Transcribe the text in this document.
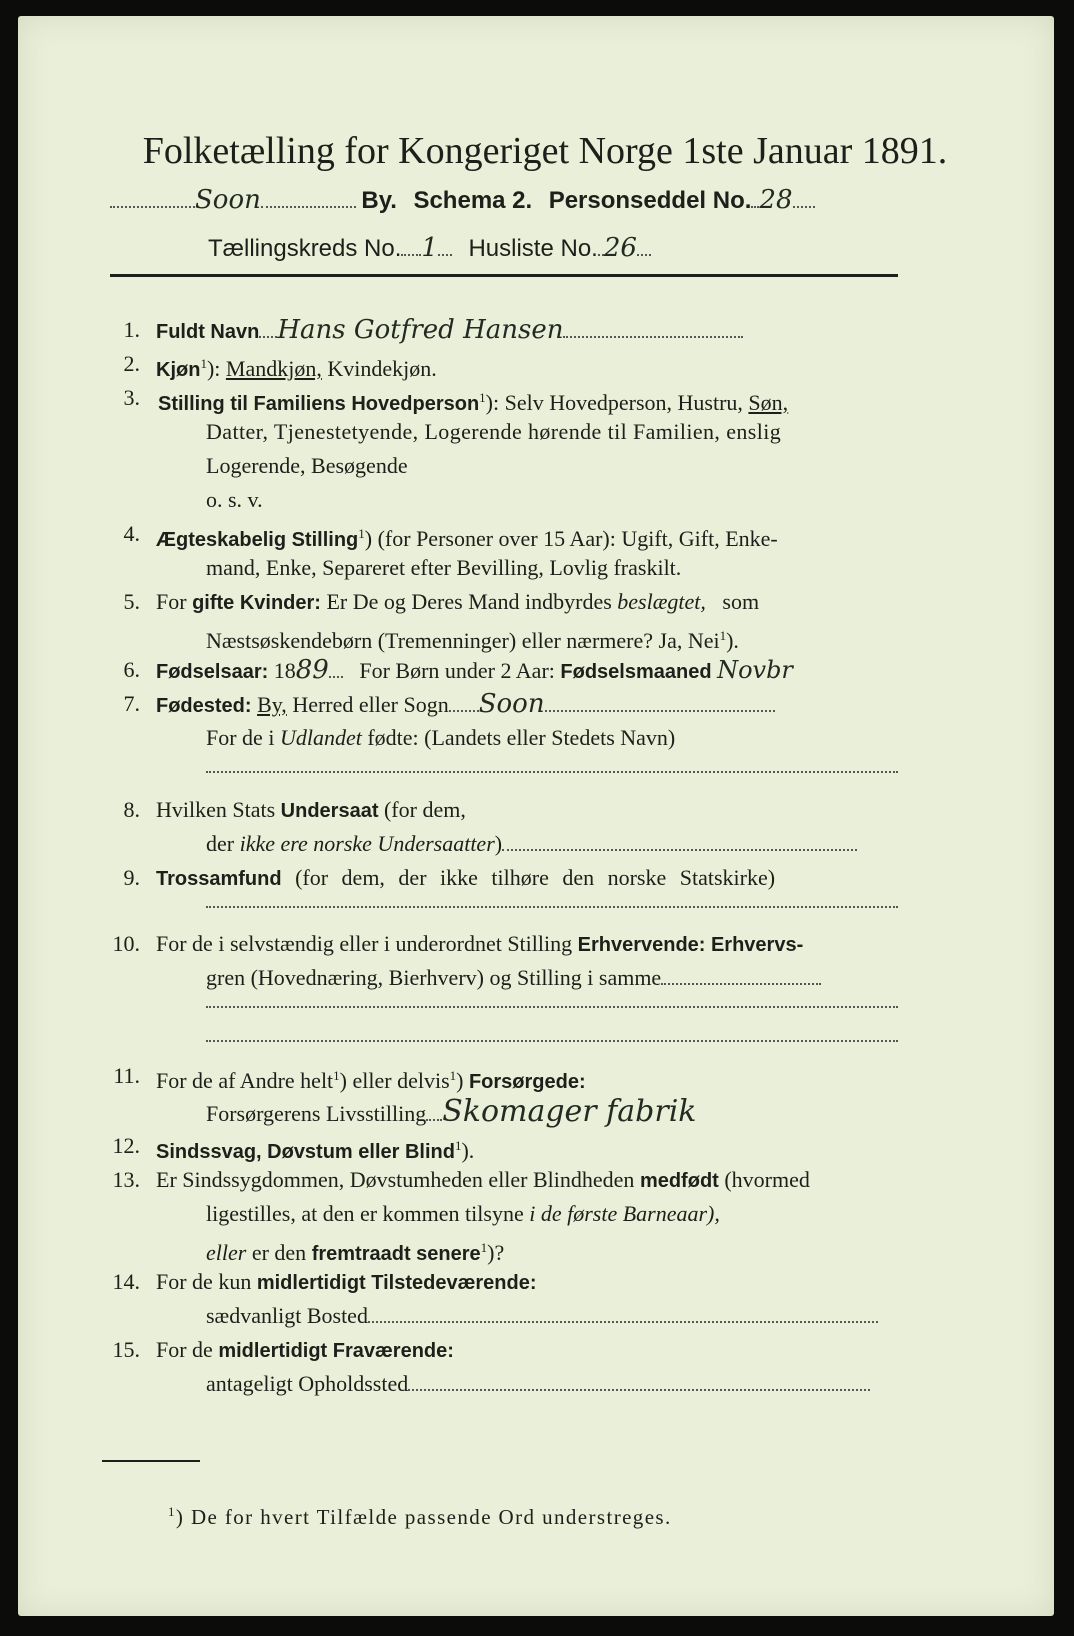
Folketælling for Kongeriget Norge 1ste Januar 1891.
Soon	By. Schema 2. Personseddel No. 28
Tællingskreds No. 1 Husliste No. 26
1. Fuldt Navn Hans Gotfred Hansen
2. Kjøn$^1$): Mandkjøn, Kvindekjøn.
3. Stilling til Familiens Hovedperson$^1$): Selv Hovedperson, Hustru, Søn,
Datter, Tjenestetyende, Logerende hørende til Familien, enslig
Logerende, Besøgende
o. s. v.
4. Ægteskabelig Stilling$^1$) (for Personer over 15 Aar): Ugift, Gift, Enke-
mand, Enke, Separeret efter Bevilling, Lovlig fraskilt.
5. For gifte Kvinder: Er De og Deres Mand indbyrdes beslægtet, som
Næstsøskendebørn (Tremenninger) eller nærmere? Ja, Nei$^1$).
6. Fødselsaar: 1889 For Børn under 2 Aar: Fødselsmaaned Novbr
7. Fødested: By, Herred eller Sogn Soon
For de i Udlandet fødte: (Landets eller Stedets Navn)
8. Hvilken Stats Undersaat (for dem,
der ikke ere norske Undersaatter)
9. Trossamfund (for dem, der ikke tilhøre den norske Statskirke)
10. For de i selvstændig eller i underordnet Stilling Erhvervende: Erhvervs-
gren (Hovednæring, Bierhverv) og Stilling i samme
11. For de af Andre helt$^1$) eller delvis$^1$) Forsørgede:
Forsørgerens Livsstilling Skomager fabrik
12. Sindssvag, Døvstum eller Blind$^1$).
13. Er Sindssygdommen, Døvstumheden eller Blindheden medfødt (hvormed
ligestilles, at den er kommen tilsyne i de første Barneaar),
eller er den fremtraadt senere$^1$)?
14. For de kun midlertidigt Tilstedeværende:
sædvanligt Bosted
15. For de midlertidigt Fraværende:
antageligt Opholdssted
$^1$) De for hvert Tilfælde passende Ord understreges.
